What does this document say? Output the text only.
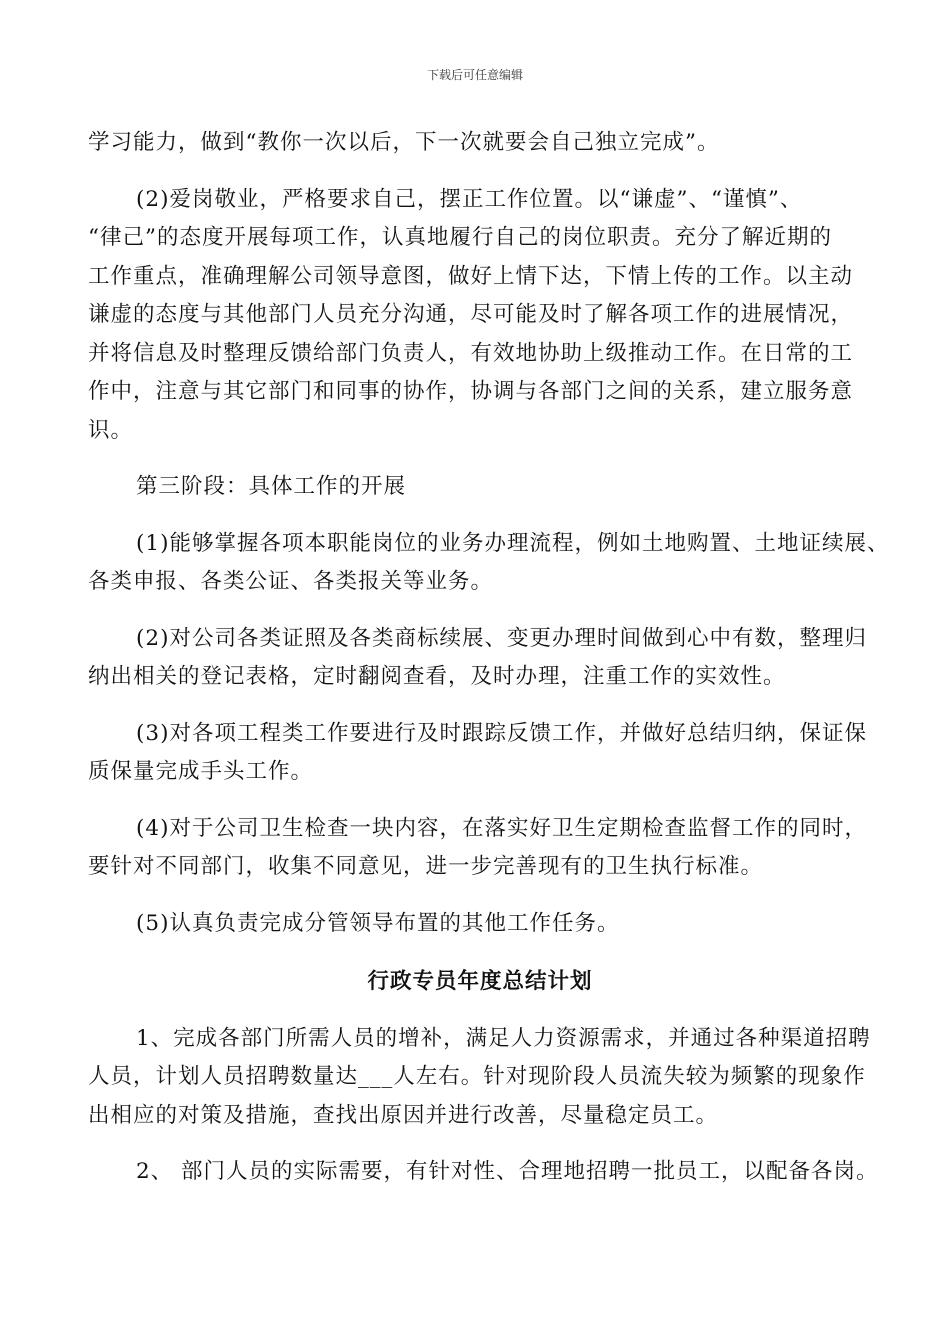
下载后可任意编辑

学习能力，做到“教你一次以后，下一次就要会自己独立完成”。

(2)爱岗敬业，严格要求自己，摆正工作位置。以“谦虚”、“谨慎”、
“律己”的态度开展每项工作，认真地履行自己的岗位职责。充分了解近期的
工作重点，准确理解公司领导意图，做好上情下达，下情上传的工作。以主动
谦虚的态度与其他部门人员充分沟通，尽可能及时了解各项工作的进展情况，
并将信息及时整理反馈给部门负责人，有效地协助上级推动工作。在日常的工
作中，注意与其它部门和同事的协作，协调与各部门之间的关系，建立服务意
识。

第三阶段：具体工作的开展

(1)能够掌握各项本职能岗位的业务办理流程，例如土地购置、土地证续展、
各类申报、各类公证、各类报关等业务。

(2)对公司各类证照及各类商标续展、变更办理时间做到心中有数，整理归
纳出相关的登记表格，定时翻阅查看，及时办理，注重工作的实效性。

(3)对各项工程类工作要进行及时跟踪反馈工作，并做好总结归纳，保证保
质保量完成手头工作。

(4)对于公司卫生检查一块内容，在落实好卫生定期检查监督工作的同时，
要针对不同部门，收集不同意见，进一步完善现有的卫生执行标准。

(5)认真负责完成分管领导布置的其他工作任务。

行政专员年度总结计划

1、完成各部门所需人员的增补，满足人力资源需求，并通过各种渠道招聘
人员，计划人员招聘数量达___人左右。针对现阶段人员流失较为频繁的现象作
出相应的对策及措施，查找出原因并进行改善，尽量稳定员工。

2、 部门人员的实际需要，有针对性、合理地招聘一批员工，以配备各岗。
